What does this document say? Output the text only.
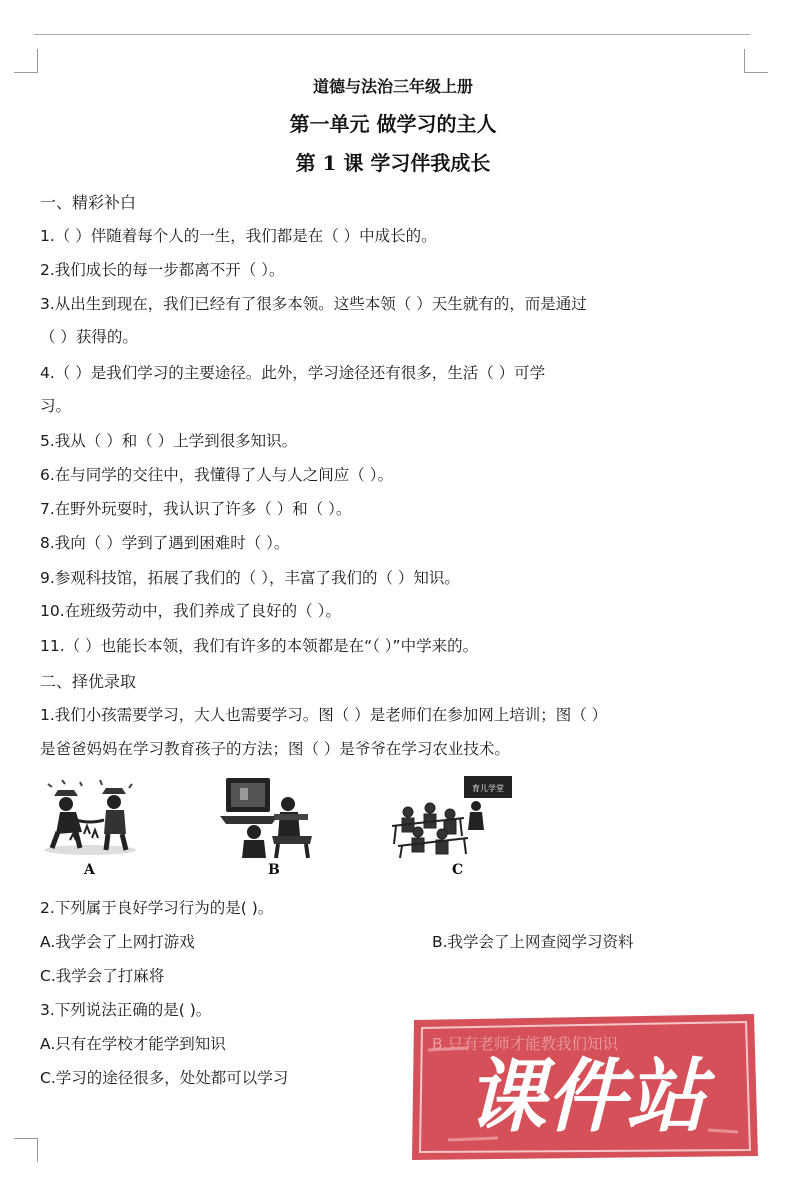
道德与法治三年级上册
第一单元 做学习的主人
第 1 课 学习伴我成长
一、精彩补白
1.（ ）伴随着每个人的一生，我们都是在（ ）中成长的。
2.我们成长的每一步都离不开（ ）。
3.从出生到现在，我们已经有了很多本领。这些本领（ ）天生就有的，而是通过
（ ）获得的。
4.（ ）是我们学习的主要途径。此外，学习途径还有很多，生活（ ）可学
习。
5.我从（ ）和（ ）上学到很多知识。
6.在与同学的交往中，我懂得了人与人之间应（ ）。
7.在野外玩耍时，我认识了许多（ ）和（ ）。
8.我向（ ）学到了遇到困难时（ ）。
9.参观科技馆，拓展了我们的（ ），丰富了我们的（ ）知识。
10.在班级劳动中，我们养成了良好的（ ）。
11.（ ）也能长本领，我们有许多的本领都是在“（ ）”中学来的。
二、择优录取
1.我们小孩需要学习，大人也需要学习。图（ ）是老师们在参加网上培训；图（ ）
是爸爸妈妈在学习教育孩子的方法；图（ ）是爷爷在学习农业技术。
A	B
育儿学堂
C
2.下列属于良好学习行为的是( )。
A.我学会了上网打游戏	B.我学会了上网查阅学习资料
C.我学会了打麻将
3.下列说法正确的是( )。
A.只有在学校才能学到知识
C.学习的途径很多，处处都可以学习 课件站
B.只有老师才能教我们知识
